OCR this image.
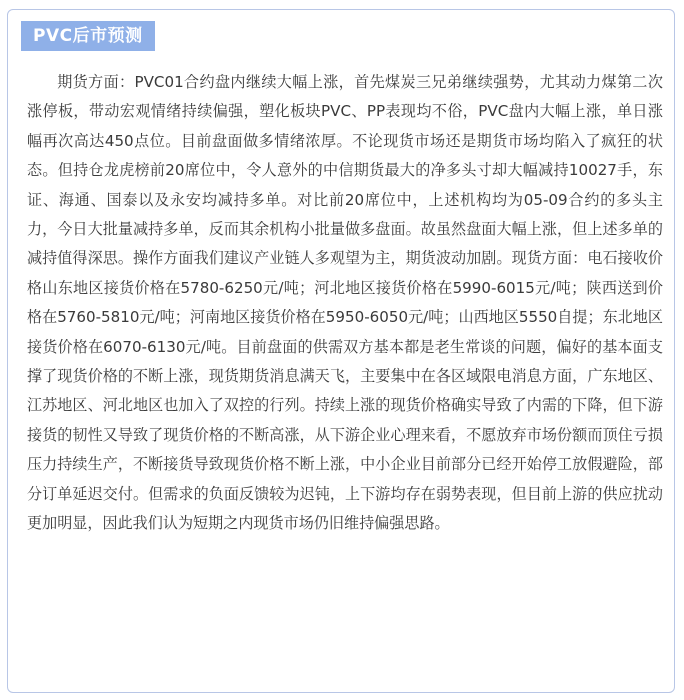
PVC后市预测

期货方面：PVC01合约盘内继续大幅上涨，首先煤炭三兄弟继续强势，尤其动力煤第二次涨停板，带动宏观情绪持续偏强，塑化板块PVC、PP表现均不俗，PVC盘内大幅上涨，单日涨幅再次高达450点位。目前盘面做多情绪浓厚。不论现货市场还是期货市场均陷入了疯狂的状态。但持仓龙虎榜前20席位中，令人意外的中信期货最大的净多头寸却大幅减持10027手，东证、海通、国泰以及永安均减持多单。对比前20席位中，上述机构均为05-09合约的多头主力，今日大批量减持多单，反而其余机构小批量做多盘面。故虽然盘面大幅上涨，但上述多单的减持值得深思。操作方面我们建议产业链人多观望为主，期货波动加剧。现货方面：电石接收价格山东地区接货价格在5780-6250元/吨；河北地区接货价格在5990-6015元/吨；陕西送到价格在5760-5810元/吨；河南地区接货价格在5950-6050元/吨；山西地区5550自提；东北地区接货价格在6070-6130元/吨。目前盘面的供需双方基本都是老生常谈的问题，偏好的基本面支撑了现货价格的不断上涨，现货期货消息满天飞，主要集中在各区域限电消息方面，广东地区、江苏地区、河北地区也加入了双控的行列。持续上涨的现货价格确实导致了内需的下降，但下游接货的韧性又导致了现货价格的不断高涨，从下游企业心理来看，不愿放弃市场份额而顶住亏损压力持续生产，不断接货导致现货价格不断上涨，中小企业目前部分已经开始停工放假避险，部分订单延迟交付。但需求的负面反馈较为迟钝，上下游均存在弱势表现，但目前上游的供应扰动更加明显，因此我们认为短期之内现货市场仍旧维持偏强思路。
